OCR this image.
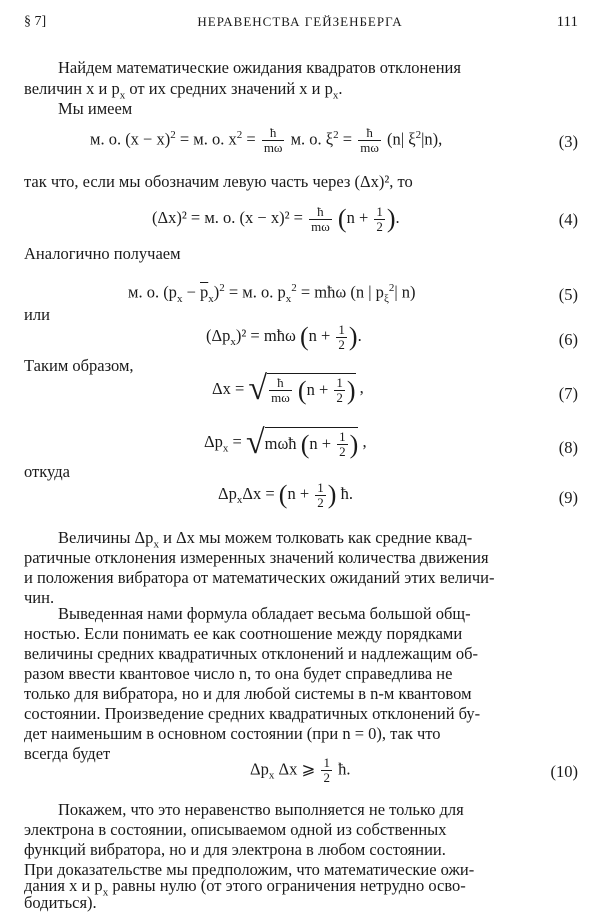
§ 7]	НЕРАВЕНСТВА ГЕЙЗЕНБЕРГА	111
Найдем математические ожидания квадратов отклонения
величин x и $p_x$ от их средних значений x и $p_x$.
Мы имеем
м. о. $(x - x)^2 = м$. о. $x^2 = \frac{ħ}{m\omega} м$. о. $\xi^2 = \frac{ħ}{m\omega} (n|$ $\xi^2|n$),	(3)
так что, если мы обозначим левую часть через (Δx)², то
(Δx)² = м. о. $(x - x)^2 = \frac{ħ}{m\omega} (n + \frac{1}{2}$ ).	(4)
Аналогично получаем
м. о. $(p_x - \overline{p}_x)^2 = м$. о. $p_x^2$ = mħω (n | $p_\xi^2|$ n)	(5)
или
$(\Delta p_x)^2$ = mħω ($n + \frac{1}{2}$ ).	(6)
Таким образом,
Δx = √ $\frac{ħ}{m\omega} (n + \frac{1}{2}$ ) ,	(7)
$\Delta p_x$ = √mωħ ($n + \frac{1}{2}$ ) ,	(8)
откуда
$\Delta p_x\Delta x = (n + \frac{1}{2}$ ) ħ.	(9)
Величины $\Delta p_x$ и Δx мы можем толковать как средние квад-
ратичные отклонения измеренных значений количества движения
и положения вибратора от математических ожиданий этих величи-
чин.
Выведенная нами формула обладает весьма большой общ-
ностью. Если понимать ее как соотношение между порядками
величины средних квадратичных отклонений и надлежащим об-
разом ввести квантовое число n, то она будет справедлива не
только для вибратора, но и для любой системы в n-м квантовом
состоянии. Произведение средних квадратичных отклонений бу-
дет наименьшим в основном состоянии (при n = 0), так что
всегда будет
$\Delta p_x$ Δx ⩾ $\frac{1}{2}$ ħ.	(10)
Покажем, что это неравенство выполняется не только для
электрона в состоянии, описываемом одной из собственных
функций вибратора, но и для электрона в любом состоянии.
При доказательстве мы предположим, что математические ожи-
дания x и $p_x$ равны нулю (от этого ограничения нетрудно осво-
бодиться).
